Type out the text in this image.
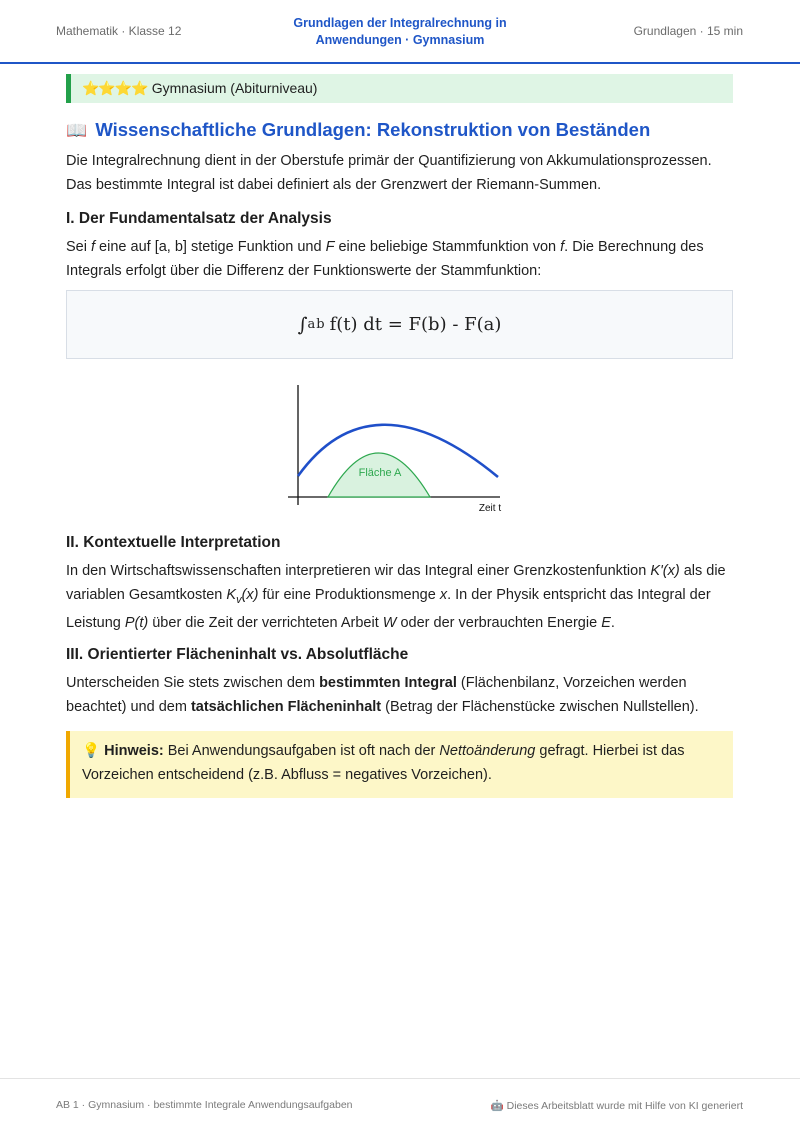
Mathematik · Klasse 12
Grundlagen der Integralrechnung in
Anwendungen · Gymnasium
Grundlagen · 15 min
⭐⭐⭐⭐ Gymnasium (Abiturniveau)
📖 Wissenschaftliche Grundlagen: Rekonstruktion von Beständen

Die Integralrechnung dient in der Oberstufe primär der Quantifizierung von Akkumulationsprozessen. Das bestimmte Integral ist dabei definiert als der Grenzwert der Riemann-Summen.

I. Der Fundamentalsatz der Analysis

Sei f eine auf [a, b] stetige Funktion und F eine beliebige Stammfunktion von f. Die Berechnung des Integrals erfolgt über die Differenz der Funktionswerte der Stammfunktion:

∫ a b f(t) dt = F(b) - F(a)
Fläche A
Zeit t
II. Kontextuelle Interpretation

In den Wirtschaftswissenschaften interpretieren wir das Integral einer Grenzkostenfunktion K'(x) als die variablen Gesamtkosten $K_v(x)$ für eine Produktionsmenge x. In der Physik entspricht das Integral der Leistung P(t) über die Zeit der verrichteten Arbeit W oder der verbrauchten Energie E.

III. Orientierter Flächeninhalt vs. Absolutfläche

Unterscheiden Sie stets zwischen dem bestimmten Integral (Flächenbilanz, Vorzeichen werden beachtet) und dem tatsächlichen Flächeninhalt (Betrag der Flächenstücke zwischen Nullstellen).

💡 Hinweis: Bei Anwendungsaufgaben ist oft nach der Nettoänderung gefragt. Hierbei ist das Vorzeichen entscheidend (z.B. Abfluss = negatives Vorzeichen).
AB 1 · Gymnasium · bestimmte Integrale Anwendungsaufgaben	🤖 Dieses Arbeitsblatt wurde mit Hilfe von KI generiert
